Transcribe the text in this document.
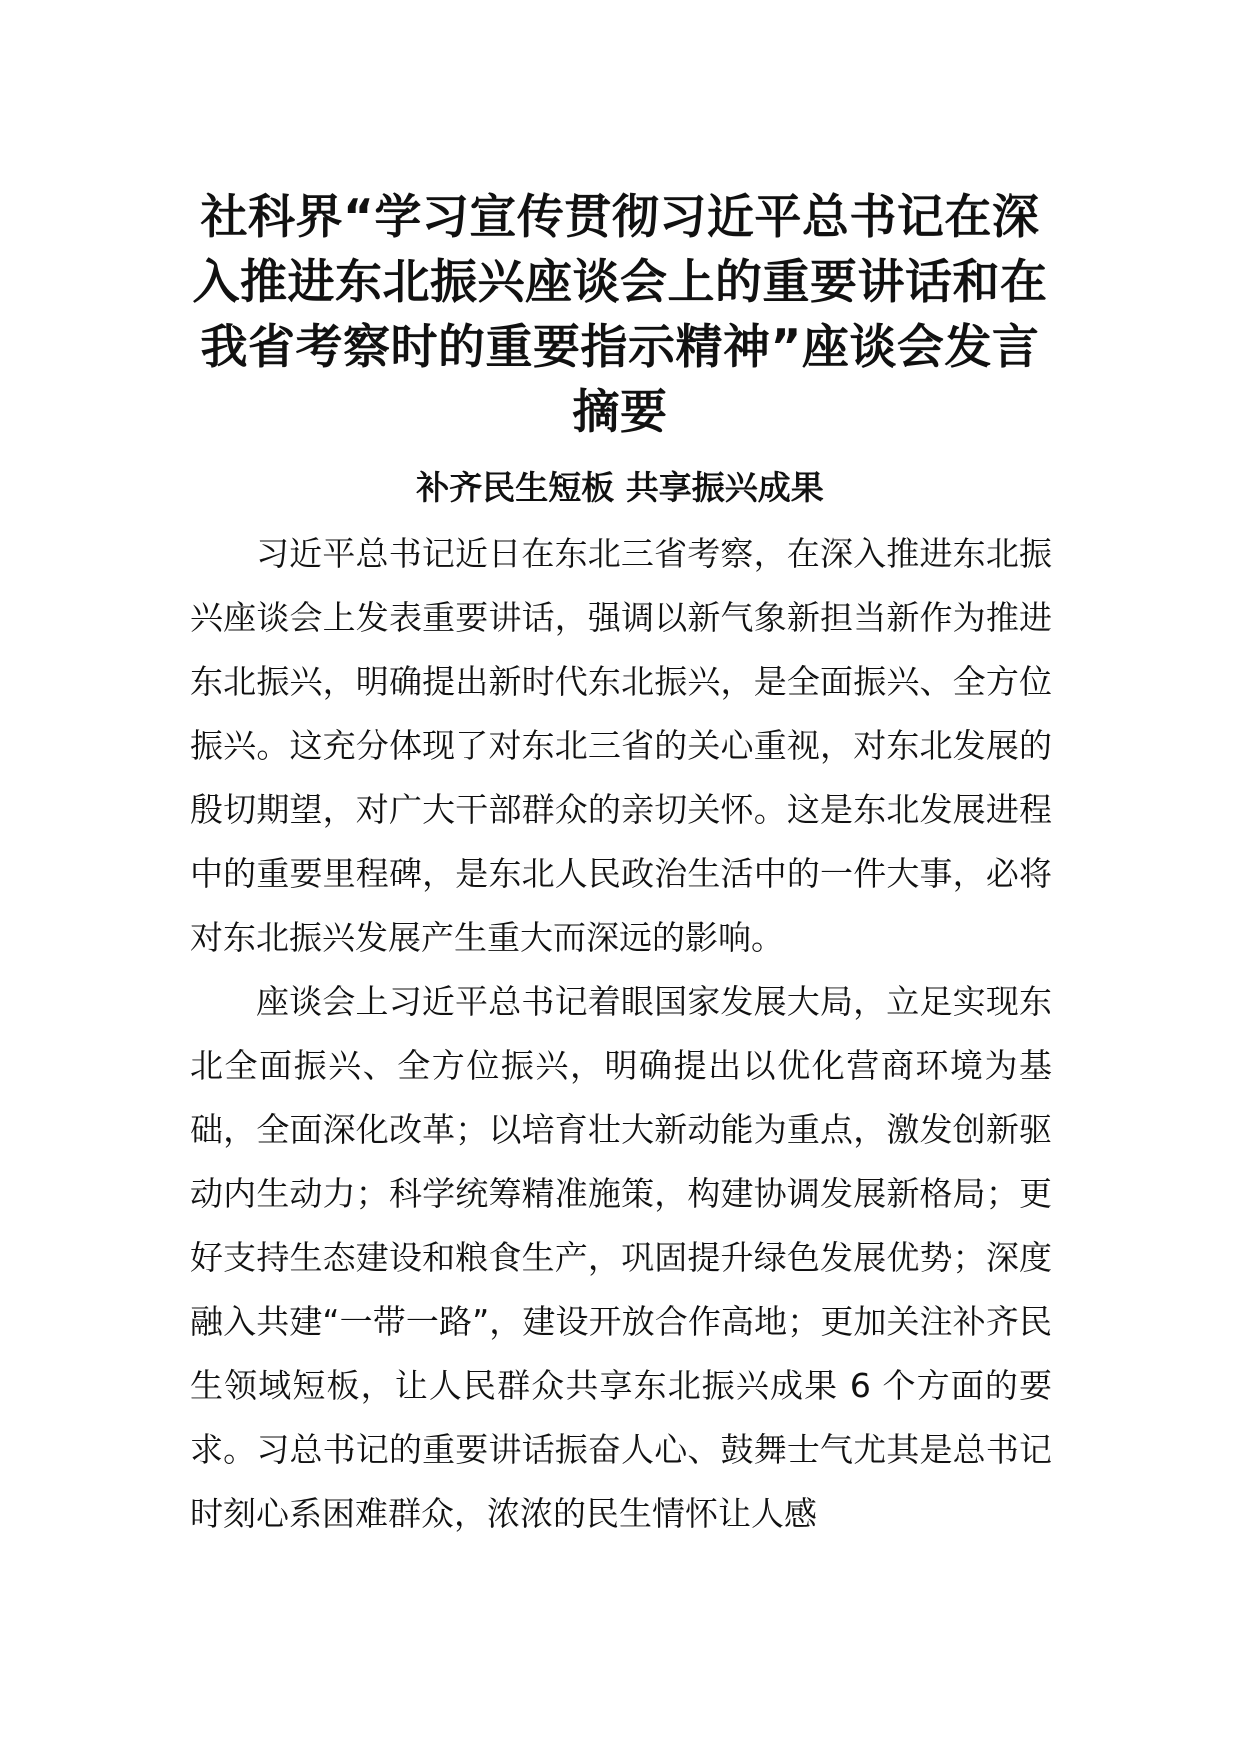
社科界“学习宣传贯彻习近平总书记在深入推进东北振兴座谈会上的重要讲话和在我省考察时的重要指示精神”座谈会发言摘要
补齐民生短板 共享振兴成果

习近平总书记近日在东北三省考察，在深入推进东北振兴座谈会上发表重要讲话，强调以新气象新担当新作为推进东北振兴，明确提出新时代东北振兴，是全面振兴、全方位振兴。这充分体现了对东北三省的关心重视，对东北发展的殷切期望，对广大干部群众的亲切关怀。这是东北发展进程中的重要里程碑，是东北人民政治生活中的一件大事，必将对东北振兴发展产生重大而深远的影响。

座谈会上习近平总书记着眼国家发展大局，立足实现东北全面振兴、全方位振兴，明确提出以优化营商环境为基础，全面深化改革；以培育壮大新动能为重点，激发创新驱动内生动力；科学统筹精准施策，构建协调发展新格局；更好支持生态建设和粮食生产，巩固提升绿色发展优势；深度融入共建“一带一路”，建设开放合作高地；更加关注补齐民生领域短板，让人民群众共享东北振兴成果 6 个方面的要求。习总书记的重要讲话振奋人心、鼓舞士气尤其是总书记时刻心系困难群众，浓浓的民生情怀让人感
